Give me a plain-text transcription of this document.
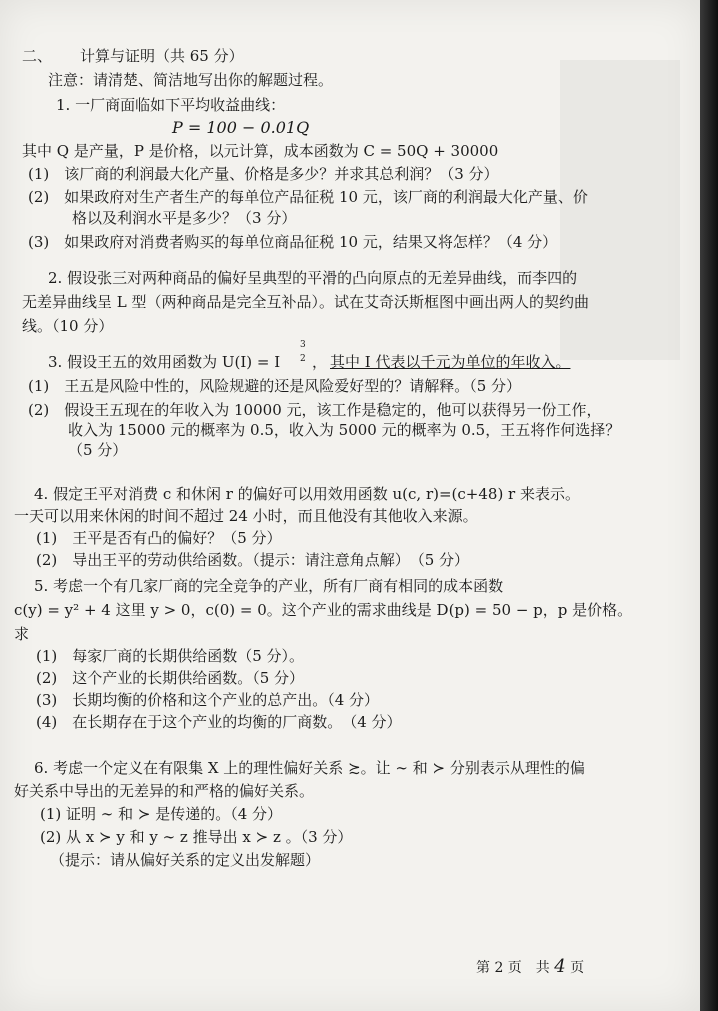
二、 计算与证明（共 65 分）
注意：请清楚、简洁地写出你的解题过程。
1. 一厂商面临如下平均收益曲线：
P = 100 − 0.01Q
其中 Q 是产量，P 是价格，以元计算，成本函数为 C = 50Q + 30000
(1)　该厂商的利润最大化产量、价格是多少？并求其总利润？（3 分）
(2)　如果政府对生产者生产的每单位产品征税 10 元，该厂商的利润最大化产量、价
格以及利润水平是多少？（3 分）
(3)　如果政府对消费者购买的每单位商品征税 10 元，结果又将怎样？（4 分）
2. 假设张三对两种商品的偏好呈典型的平滑的凸向原点的无差异曲线，而李四的
无差异曲线呈 L 型（两种商品是完全互补品）。试在艾奇沃斯框图中画出两人的契约曲
线。（10 分）
3. 假设王五的效用函数为 U(I) = I
3
2 ， 其中 I 代表以千元为单位的年收入。
(1)　王五是风险中性的，风险规避的还是风险爱好型的？请解释。（5 分）
(2)　假设王五现在的年收入为 10000 元，该工作是稳定的，他可以获得另一份工作，
收入为 15000 元的概率为 0.5，收入为 5000 元的概率为 0.5，王五将作何选择？
（5 分）
4. 假定王平对消费 c 和休闲 r 的偏好可以用效用函数 u(c, r)=(c+48) r 来表示。
一天可以用来休闲的时间不超过 24 小时，而且他没有其他收入来源。
(1)　王平是否有凸的偏好？（5 分）
(2)　导出王平的劳动供给函数。（提示：请注意角点解）　（5 分）
5. 考虑一个有几家厂商的完全竞争的产业，所有厂商有相同的成本函数
c(y) = y² + 4 这里 y > 0，c(0) = 0。这个产业的需求曲线是 D(p) = 50 − p，p 是价格。
求
(1)　每家厂商的长期供给函数（5 分）。
(2)　这个产业的长期供给函数。（5 分）
(3)　长期均衡的价格和这个产业的总产出。（4 分）
(4)　在长期存在于这个产业的均衡的厂商数。　（4 分）
6. 考虑一个定义在有限集 X 上的理性偏好关系 ≿。让 ∼ 和 ≻ 分别表示从理性的偏
好关系中导出的无差异的和严格的偏好关系。
(1) 证明 ∼ 和 ≻ 是传递的。（4 分）
(2) 从 x ≻ y 和 y ∼ z 推导出 x ≻ z 。（3 分）
（提示：请从偏好关系的定义出发解题）
第 2 页　共 4 页
